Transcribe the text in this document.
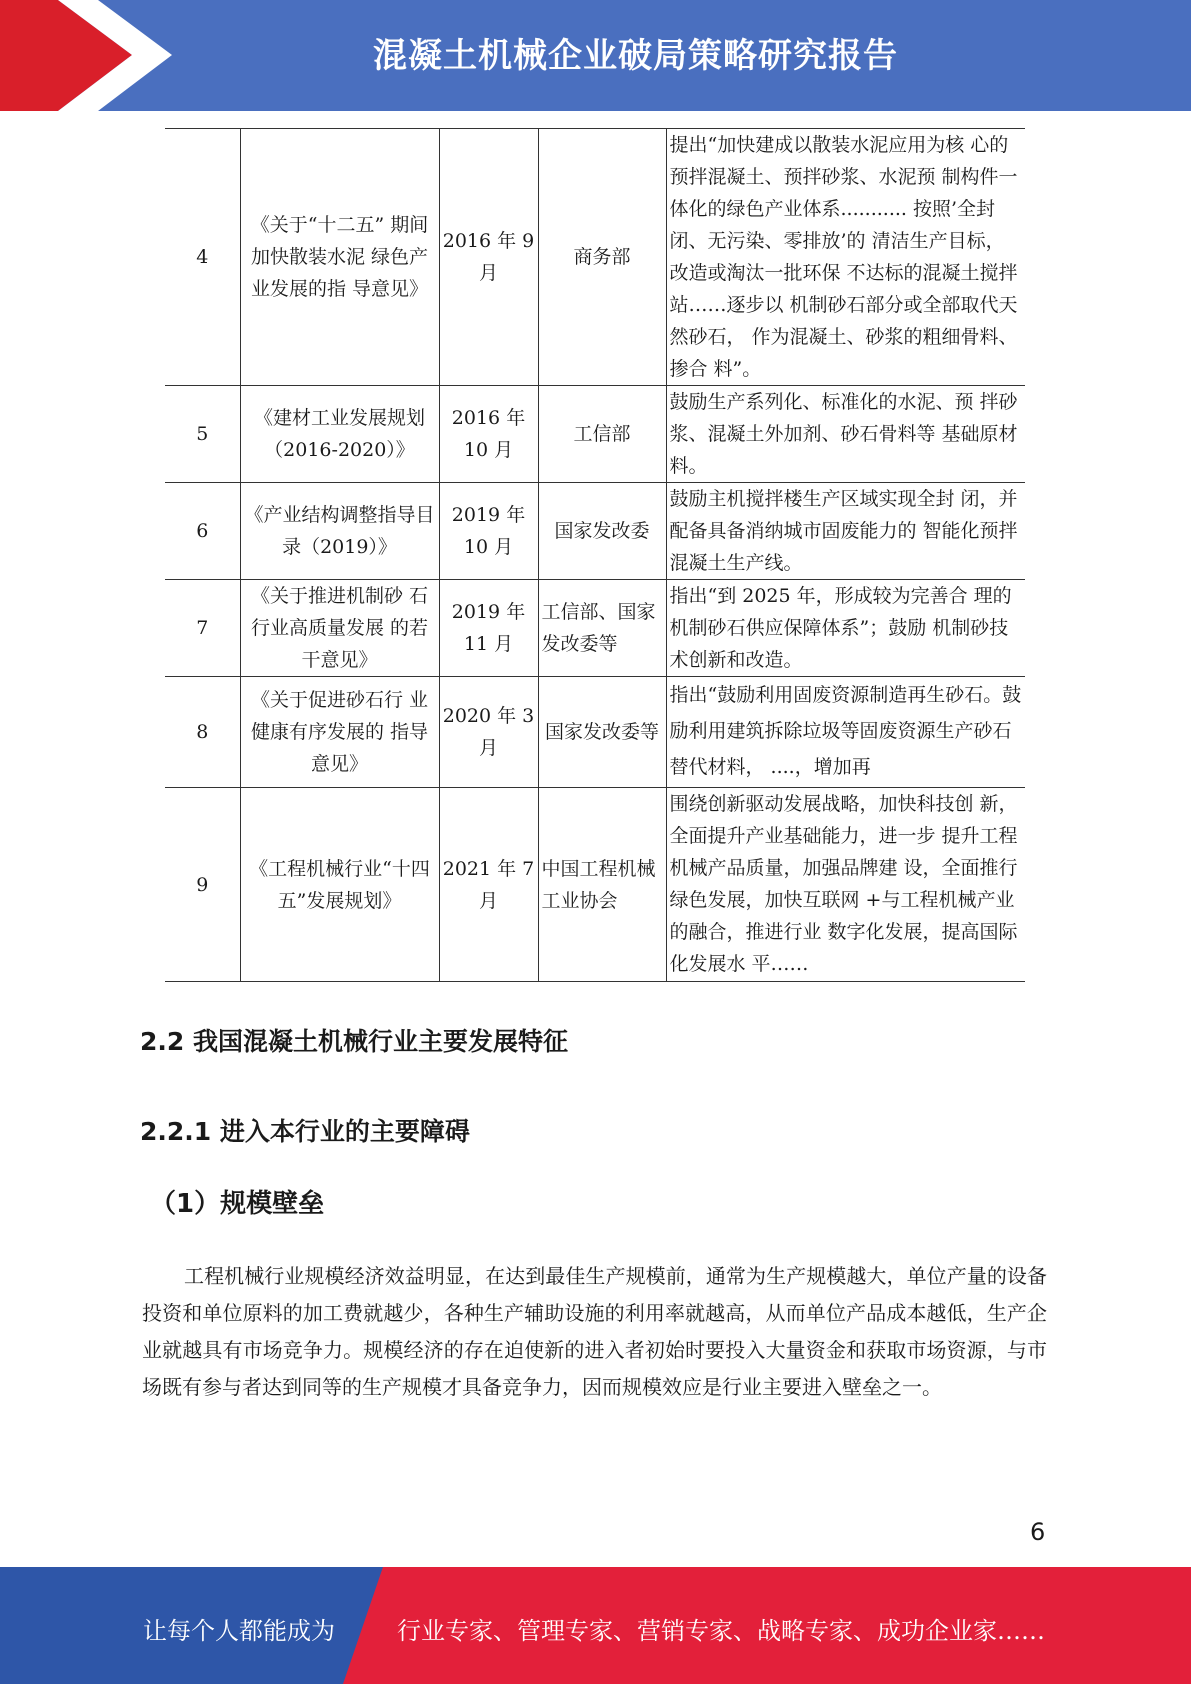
混凝土机械企业破局策略研究报告
4	《关于“十二五” 期间加快散装水泥 绿色产业发展的指 导意见》	2016 年 9 月	商务部	提出“加快建成以散装水泥应用为核 心的预拌混凝土、预拌砂浆、水泥预 制构件一体化的绿色产业体系........... 按照’全封闭、无污染、零排放’的 清洁生产目标，改造或淘汰一批环保 不达标的混凝土搅拌站……逐步以 机制砂石部分或全部取代天然砂石， 作为混凝土、砂浆的粗细骨料、掺合 料”。
5	《建材工业发展规划（2016-2020）》	2016 年 10 月	工信部	鼓励生产系列化、标准化的水泥、预 拌砂浆、混凝土外加剂、砂石骨料等 基础原材料。
6	《产业结构调整指导目录（2019）》	2019 年 10 月	国家发改委	鼓励主机搅拌楼生产区域实现全封 闭，并配备具备消纳城市固废能力的 智能化预拌混凝土生产线。
7	《关于推进机制砂 石行业高质量发展 的若干意见》	2019 年 11 月	工信部、国家发改委等	指出“到 2025 年，形成较为完善合 理的机制砂石供应保障体系”；鼓励 机制砂技术创新和改造。
8	《关于促进砂石行 业健康有序发展的 指导意见》	2020 年 3 月	国家发改委等	指出“鼓励利用固废资源制造再生砂石。鼓励利用建筑拆除垃圾等固废资源生产砂石替代材料， ....，增加再
9	《工程机械行业“十四五”发展规划》	2021 年 7 月	中国工程机械工业协会	围绕创新驱动发展战略，加快科技创 新，全面提升产业基础能力，进一步 提升工程机械产品质量，加强品牌建 设，全面推行绿色发展，加快互联网 +与工程机械产业的融合，推进行业 数字化发展，提高国际化发展水 平……
2.2 我国混凝土机械行业主要发展特征
2.2.1 进入本行业的主要障碍
（1）规模壁垒

工程机械行业规模经济效益明显，在达到最佳生产规模前，通常为生产规模越大，单位产量的设备投资和单位原料的加工费就越少，各种生产辅助设施的利用率就越高，从而单位产品成本越低，生产企业就越具有市场竞争力。规模经济的存在迫使新的进入者初始时要投入大量资金和获取市场资源，与市场既有参与者达到同等的生产规模才具备竞争力，因而规模效应是行业主要进入壁垒之一。

6
让每个人都能成为	行业专家、管理专家、营销专家、战略专家、成功企业家……
